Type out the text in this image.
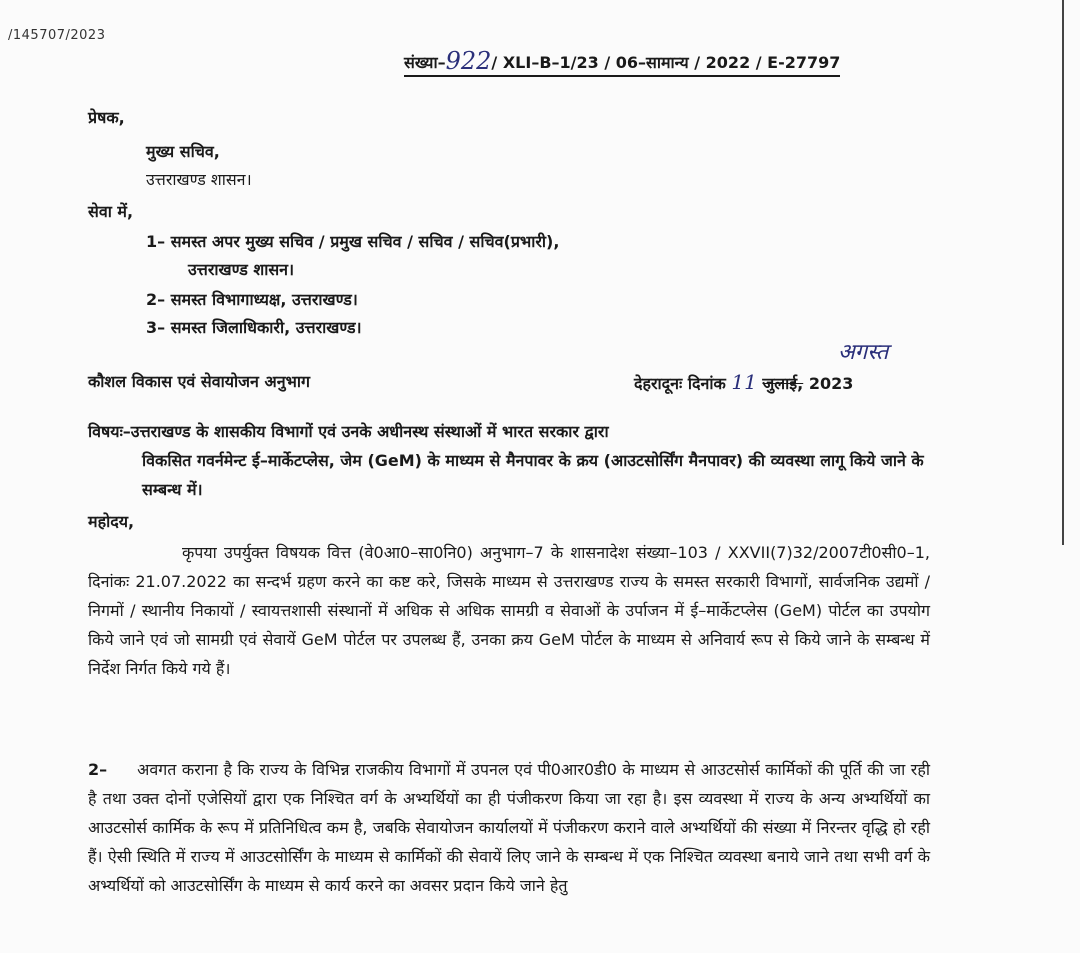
/145707/2023
संख्या–922/ XLI–B–1/23 / 06–सामान्य / 2022 / E-27797
प्रेषक,
मुख्य सचिव,
उत्तराखण्ड शासन।
सेवा में,
1– समस्त अपर मुख्य सचिव / प्रमुख सचिव / सचिव / सचिव(प्रभारी),
उत्तराखण्ड शासन।
2– समस्त विभागाध्यक्ष, उत्तराखण्ड।
3– समस्त जिलाधिकारी, उत्तराखण्ड।
कौशल विकास एवं सेवायोजन अनुभाग
अगस्त
देहरादूनः दिनांक 11 जुलाई, 2023
विषयः–उत्तराखण्ड के शासकीय विभागों एवं उनके अधीनस्थ संस्थाओं में भारत सरकार द्वारा
विकसित गवर्नमेन्ट ई–मार्केटप्लेस, जेम (GeM) के माध्यम से मैनपावर के क्रय (आउटसोर्सिंग मैनपावर) की व्यवस्था लागू किये जाने के सम्बन्ध में।
महोदय,
कृपया उपर्युक्त विषयक वित्त (वे0आ0–सा0नि0) अनुभाग–7 के शासनादेश संख्या–103 / XXVII(7)32/2007टी0सी0–1, दिनांकः 21.07.2022 का सन्दर्भ ग्रहण करने का कष्ट करे, जिसके माध्यम से उत्तराखण्ड राज्य के समस्त सरकारी विभागों, सार्वजनिक उद्यमों / निगमों / स्थानीय निकायों / स्वायत्तशासी संस्थानों में अधिक से अधिक सामग्री व सेवाओं के उर्पाजन में ई–मार्केटप्लेस (GeM) पोर्टल का उपयोग किये जाने एवं जो सामग्री एवं सेवायें GeM पोर्टल पर उपलब्ध हैं, उनका क्रय GeM पोर्टल के माध्यम से अनिवार्य रूप से किये जाने के सम्बन्ध में निर्देश निर्गत किये गये हैं।
2– अवगत कराना है कि राज्य के विभिन्न राजकीय विभागों में उपनल एवं पी0आर0डी0 के माध्यम से आउटसोर्स कार्मिकों की पूर्ति की जा रही है तथा उक्त दोनों एजेसियों द्वारा एक निश्चित वर्ग के अभ्यर्थियों का ही पंजीकरण किया जा रहा है। इस व्यवस्था में राज्य के अन्य अभ्यर्थियों का आउटसोर्स कार्मिक के रूप में प्रतिनिधित्व कम है, जबकि सेवायोजन कार्यालयों में पंजीकरण कराने वाले अभ्यर्थियों की संख्या में निरन्तर वृद्धि हो रही हैं। ऐसी स्थिति में राज्य में आउटसोर्सिंग के माध्यम से कार्मिकों की सेवायें लिए जाने के सम्बन्ध में एक निश्चित व्यवस्था बनाये जाने तथा सभी वर्ग के अभ्यर्थियों को आउटसोर्सिंग के माध्यम से कार्य करने का अवसर प्रदान किये जाने हेतु
